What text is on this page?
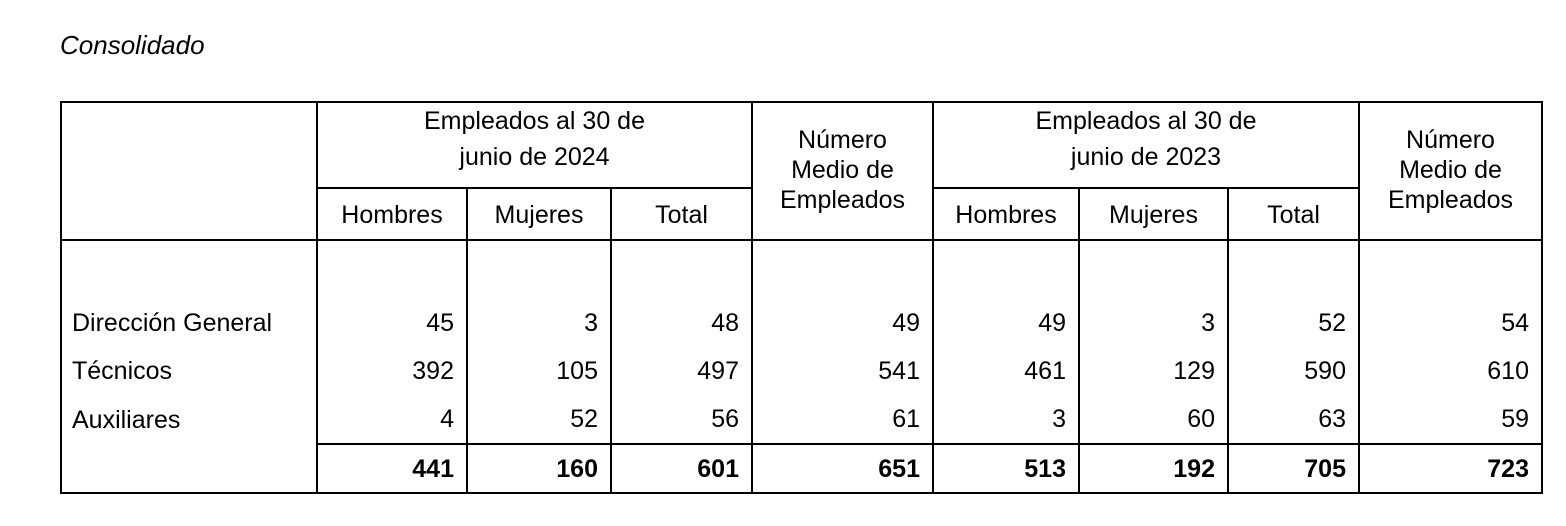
Consolidado
	Empleados al 30 de
junio de 2024			Número
Medio de
Empleados	Empleados al 30 de
junio de 2023			Número
Medio de
Empleados
	Hombres	Mujeres	Total		Hombres	Mujeres	Total	

Dirección General	45	3	48	49	49	3	52	54
Técnicos	392	105	497	541	461	129	590	610
Auxiliares	4	52	56	61	3	60	63	59
	441	160	601	651	513	192	705	723
